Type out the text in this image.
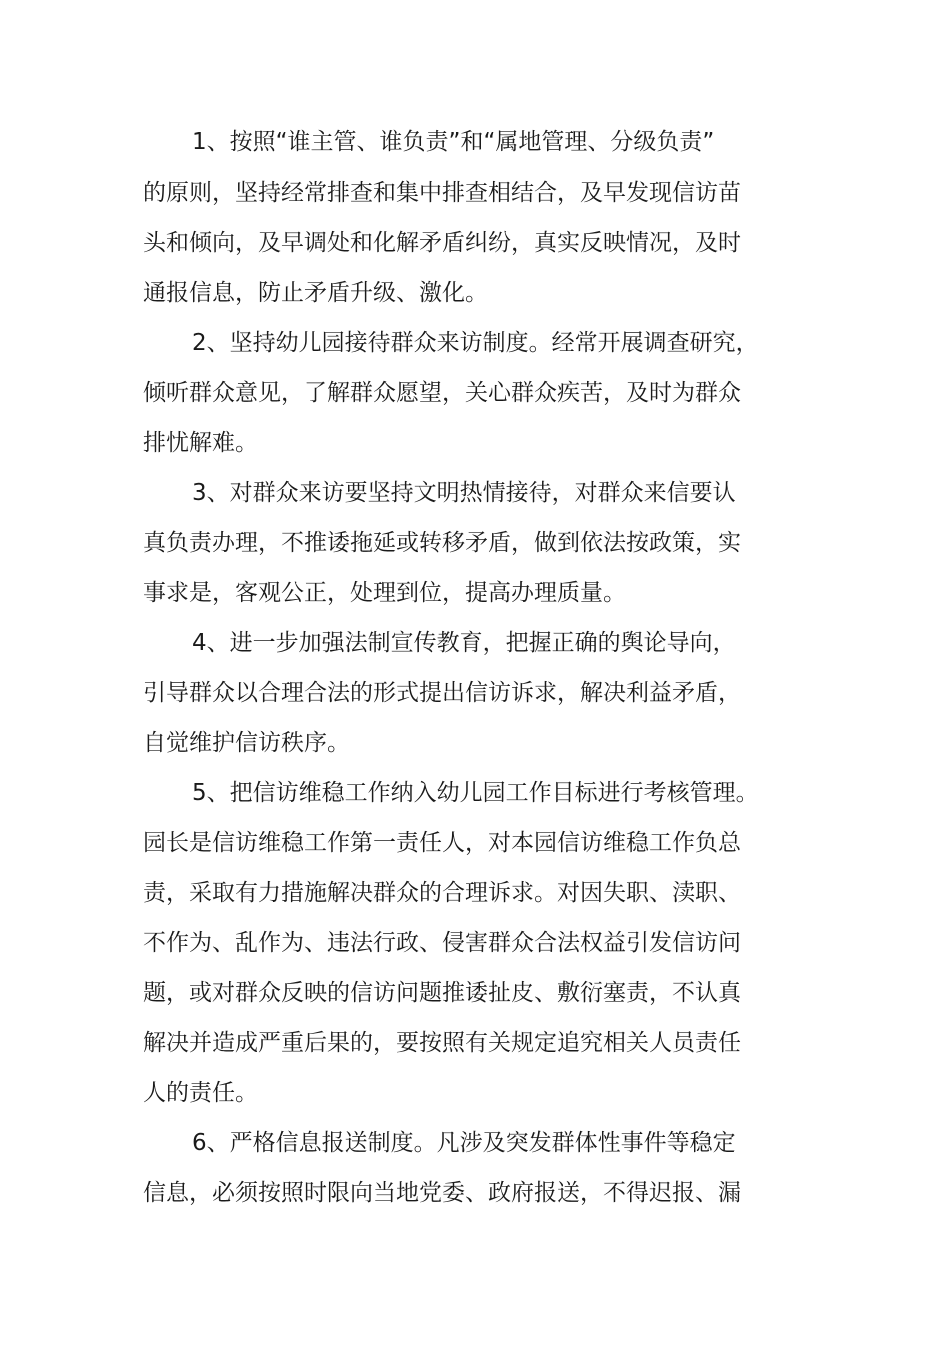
1、按照“谁主管、谁负责”和“属地管理、分级负责”
的原则，坚持经常排查和集中排查相结合，及早发现信访苗
头和倾向，及早调处和化解矛盾纠纷，真实反映情况，及时
通报信息，防止矛盾升级、激化。
2、坚持幼儿园接待群众来访制度。经常开展调查研究，
倾听群众意见，了解群众愿望，关心群众疾苦，及时为群众
排忧解难。
3、对群众来访要坚持文明热情接待，对群众来信要认
真负责办理，不推诿拖延或转移矛盾，做到依法按政策，实
事求是，客观公正，处理到位，提高办理质量。
4、进一步加强法制宣传教育，把握正确的舆论导向，
引导群众以合理合法的形式提出信访诉求，解决利益矛盾，
自觉维护信访秩序。
5、把信访维稳工作纳入幼儿园工作目标进行考核管理。
园长是信访维稳工作第一责任人，对本园信访维稳工作负总
责，采取有力措施解决群众的合理诉求。对因失职、渎职、
不作为、乱作为、违法行政、侵害群众合法权益引发信访问
题，或对群众反映的信访问题推诿扯皮、敷衍塞责，不认真
解决并造成严重后果的，要按照有关规定追究相关人员责任
人的责任。
6、严格信息报送制度。凡涉及突发群体性事件等稳定
信息，必须按照时限向当地党委、政府报送，不得迟报、漏
